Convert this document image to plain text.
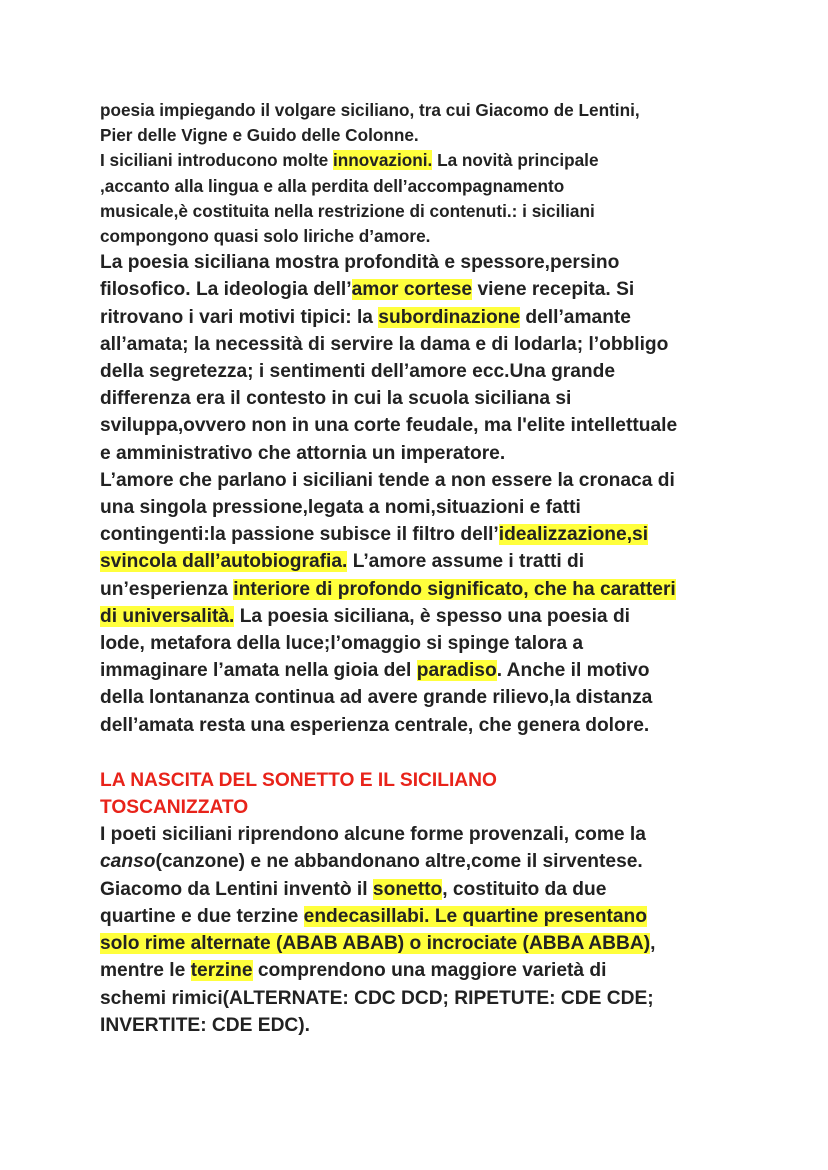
poesia impiegando il volgare siciliano, tra cui Giacomo de Lentini,
Pier delle Vigne e Guido delle Colonne.

I siciliani introducono molte innovazioni. La novità principale
,accanto alla lingua e alla perdita dell’accompagnamento
musicale,è costituita nella restrizione di contenuti.: i siciliani
compongono quasi solo liriche d’amore.

La poesia siciliana mostra profondità e spessore,persino
filosofico. La ideologia dell’amor cortese viene recepita. Si
ritrovano i vari motivi tipici: la subordinazione dell’amante
all’amata; la necessità di servire la dama e di lodarla; l’obbligo
della segretezza; i sentimenti dell’amore ecc.Una grande
differenza era il contesto in cui la scuola siciliana si
sviluppa,ovvero non in una corte feudale, ma l'elite intellettuale
e amministrativo che attornia un imperatore.

L’amore che parlano i siciliani tende a non essere la cronaca di
una singola pressione,legata a nomi,situazioni e fatti
contingenti:la passione subisce il filtro dell’idealizzazione,si
svincola dall’autobiografia. L’amore assume i tratti di
un’esperienza interiore di profondo significato, che ha caratteri
di universalità. La poesia siciliana, è spesso una poesia di
lode, metafora della luce;l’omaggio si spinge talora a
immaginare l’amata nella gioia del paradiso. Anche il motivo
della lontananza continua ad avere grande rilievo,la distanza
dell’amata resta una esperienza centrale, che genera dolore.

LA NASCITA DEL SONETTO E IL SICILIANO
TOSCANIZZATO

I poeti siciliani riprendono alcune forme provenzali, come la
canso(canzone) e ne abbandonano altre,come il sirventese.
Giacomo da Lentini inventò il sonetto, costituito da due
quartine e due terzine endecasillabi. Le quartine presentano
solo rime alternate (ABAB ABAB) o incrociate (ABBA ABBA),
mentre le terzine comprendono una maggiore varietà di
schemi rimici(ALTERNATE: CDC DCD; RIPETUTE: CDE CDE;
INVERTITE: CDE EDC).
